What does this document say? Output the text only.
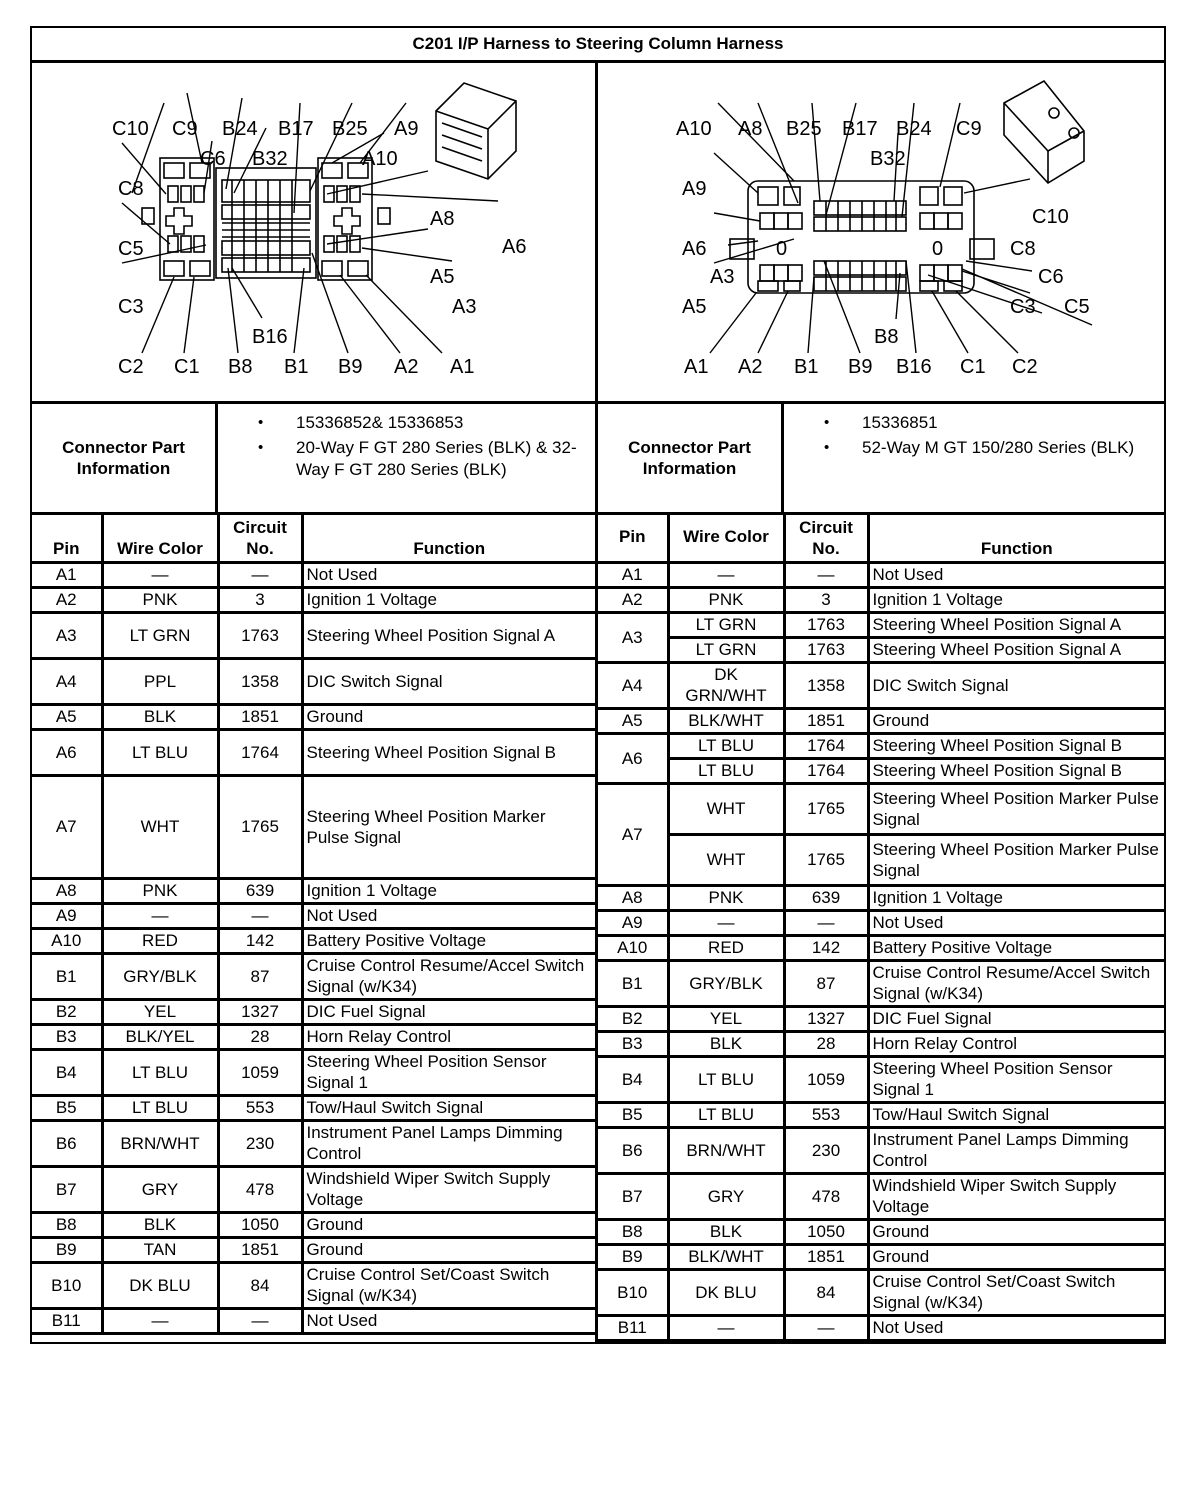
C201 I/P Harness to Steering Column Harness
C10 C9
C6
B24
B32
B17 B25
A10
A9
C8
C5
C3
A8
A6
A5
A3
C2 C1
B16
B8 B1 B9 A2 A1
A10 A8 B25 B17
B32
B24 C9
A9
A6
A3
A5
C10
C8
C6
C3 C5
0	0
A1 A2 B1
B8
B9 B16 C1 C2
Connector Part Information
• 15336852& 15336853
• 20-Way F GT 280 Series (BLK) & 32-Way F GT 280 Series (BLK)
Connector Part Information
• 15336851
• 52-Way M GT 150/280 Series (BLK)
Pin	Wire Color	Circuit No.	Function
A1	—	—	Not Used
A2	PNK	3	Ignition 1 Voltage
A3	LT GRN	1763	Steering Wheel Position Signal A
A4	PPL	1358	DIC Switch Signal
A5	BLK	1851	Ground
A6	LT BLU	1764	Steering Wheel Position Signal B
A7	WHT	1765	Steering Wheel Position Marker Pulse Signal
A8	PNK	639	Ignition 1 Voltage
A9	—	—	Not Used
A10	RED	142	Battery Positive Voltage
B1	GRY/BLK	87	Cruise Control Resume/Accel Switch Signal (w/K34)
B2	YEL	1327	DIC Fuel Signal
B3	BLK/YEL	28	Horn Relay Control
B4	LT BLU	1059	Steering Wheel Position Sensor Signal 1
B5	LT BLU	553	Tow/Haul Switch Signal
B6	BRN/WHT	230	Instrument Panel Lamps Dimming Control
B7	GRY	478	Windshield Wiper Switch Supply Voltage
B8	BLK	1050	Ground
B9	TAN	1851	Ground
B10	DK BLU	84	Cruise Control Set/Coast Switch Signal (w/K34)
B11	—	—	Not Used
Pin	Wire Color	Circuit No.	Function
A1	—	—	Not Used
A2	PNK	3	Ignition 1 Voltage
A3	LT GRN	1763	Steering Wheel Position Signal A
	LT GRN	1763	Steering Wheel Position Signal A
A4	DK GRN/WHT	1358	DIC Switch Signal
A5	BLK/WHT	1851	Ground
A6	LT BLU	1764	Steering Wheel Position Signal B
	LT BLU	1764	Steering Wheel Position Signal B
A7	WHT	1765	Steering Wheel Position Marker Pulse Signal
	WHT	1765	Steering Wheel Position Marker Pulse Signal
A8	PNK	639	Ignition 1 Voltage
A9	—	—	Not Used
A10	RED	142	Battery Positive Voltage
B1	GRY/BLK	87	Cruise Control Resume/Accel Switch Signal (w/K34)
B2	YEL	1327	DIC Fuel Signal
B3	BLK	28	Horn Relay Control
B4	LT BLU	1059	Steering Wheel Position Sensor Signal 1
B5	LT BLU	553	Tow/Haul Switch Signal
B6	BRN/WHT	230	Instrument Panel Lamps Dimming Control
B7	GRY	478	Windshield Wiper Switch Supply Voltage
B8	BLK	1050	Ground
B9	BLK/WHT	1851	Ground
B10	DK BLU	84	Cruise Control Set/Coast Switch Signal (w/K34)
B11	—	—	Not Used
